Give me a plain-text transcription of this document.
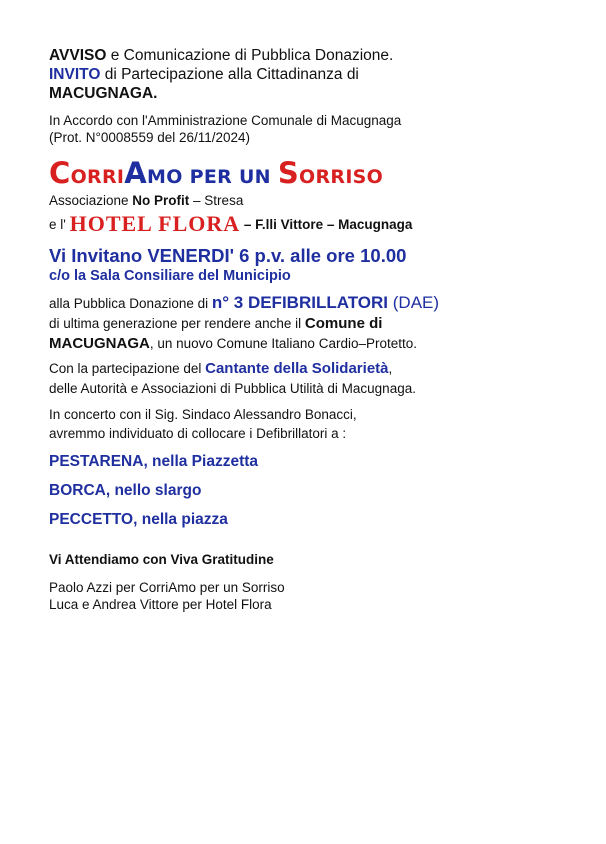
AVVISO e Comunicazione di Pubblica Donazione.
INVITO di Partecipazione alla Cittadinanza di
MACUGNAGA.
In Accordo con l'Amministrazione Comunale di Macugnaga
(Prot. N°0008559 del 26/11/2024)
CORRIAMO PER UN SORRISO
Associazione No Profit – Stresa
e l' HOTEL FLORA – F.lli Vittore – Macugnaga
Vi Invitano VENERDI' 6 p.v. alle ore 10.00
c/o la Sala Consiliare del Municipio
alla Pubblica Donazione di n° 3 DEFIBRILLATORI (DAE)
di ultima generazione per rendere anche il Comune di
MACUGNAGA, un nuovo Comune Italiano Cardio–Protetto.
Con la partecipazione del Cantante della Solidarietà,
delle Autorità e Associazioni di Pubblica Utilità di Macugnaga.
In concerto con il Sig. Sindaco Alessandro Bonacci,
avremmo individuato di collocare i Defibrillatori a :
PESTARENA, nella Piazzetta
BORCA, nello slargo
PECCETTO, nella piazza
Vi Attendiamo con Viva Gratitudine
Paolo Azzi per CorriAmo per un Sorriso
Luca e Andrea Vittore per Hotel Flora
